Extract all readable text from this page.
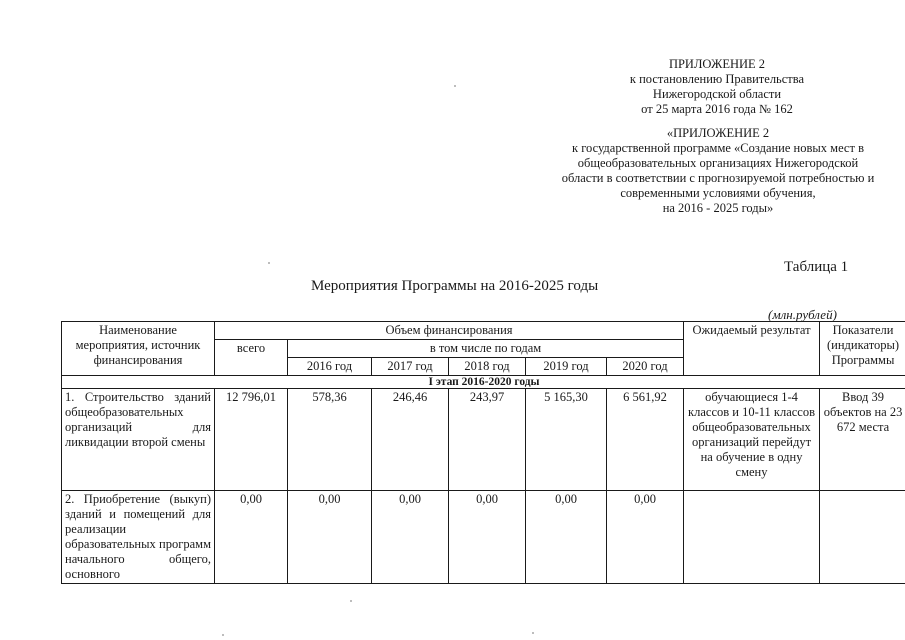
ПРИЛОЖЕНИЕ 2
к постановлению Правительства
Нижегородской области
от 25 марта 2016 года № 162
«ПРИЛОЖЕНИЕ 2
к государственной программе «Создание новых мест в
общеобразовательных организациях Нижегородской
области в соответствии с прогнозируемой потребностью и
современными условиями обучения,
на 2016 - 2025 годы»
Таблица 1
Мероприятия Программы на 2016-2025 годы
(млн.рублей)
Наименование мероприятия, источник финансирования	Объем финансирования						Ожидаемый результат	Показатели (индикаторы) Программы
	всего	в том числе по годам						
		2016 год	2017 год	2018 год	2019 год	2020 год		
I этап 2016-2020 годы								
1. Строительство зданий общеобразовательных организаций для ликвидации второй смены	12 796,01	578,36	246,46	243,97	5 165,30	6 561,92	обучающиеся 1-4 классов и 10-11 классов общеобразовательных организаций перейдут на обучение в одну смену	Ввод 39 объектов на 23 672 места
2. Приобретение (выкуп) зданий и помещений для реализации образовательных программ начального общего, основного	0,00	0,00	0,00	0,00	0,00	0,00		
